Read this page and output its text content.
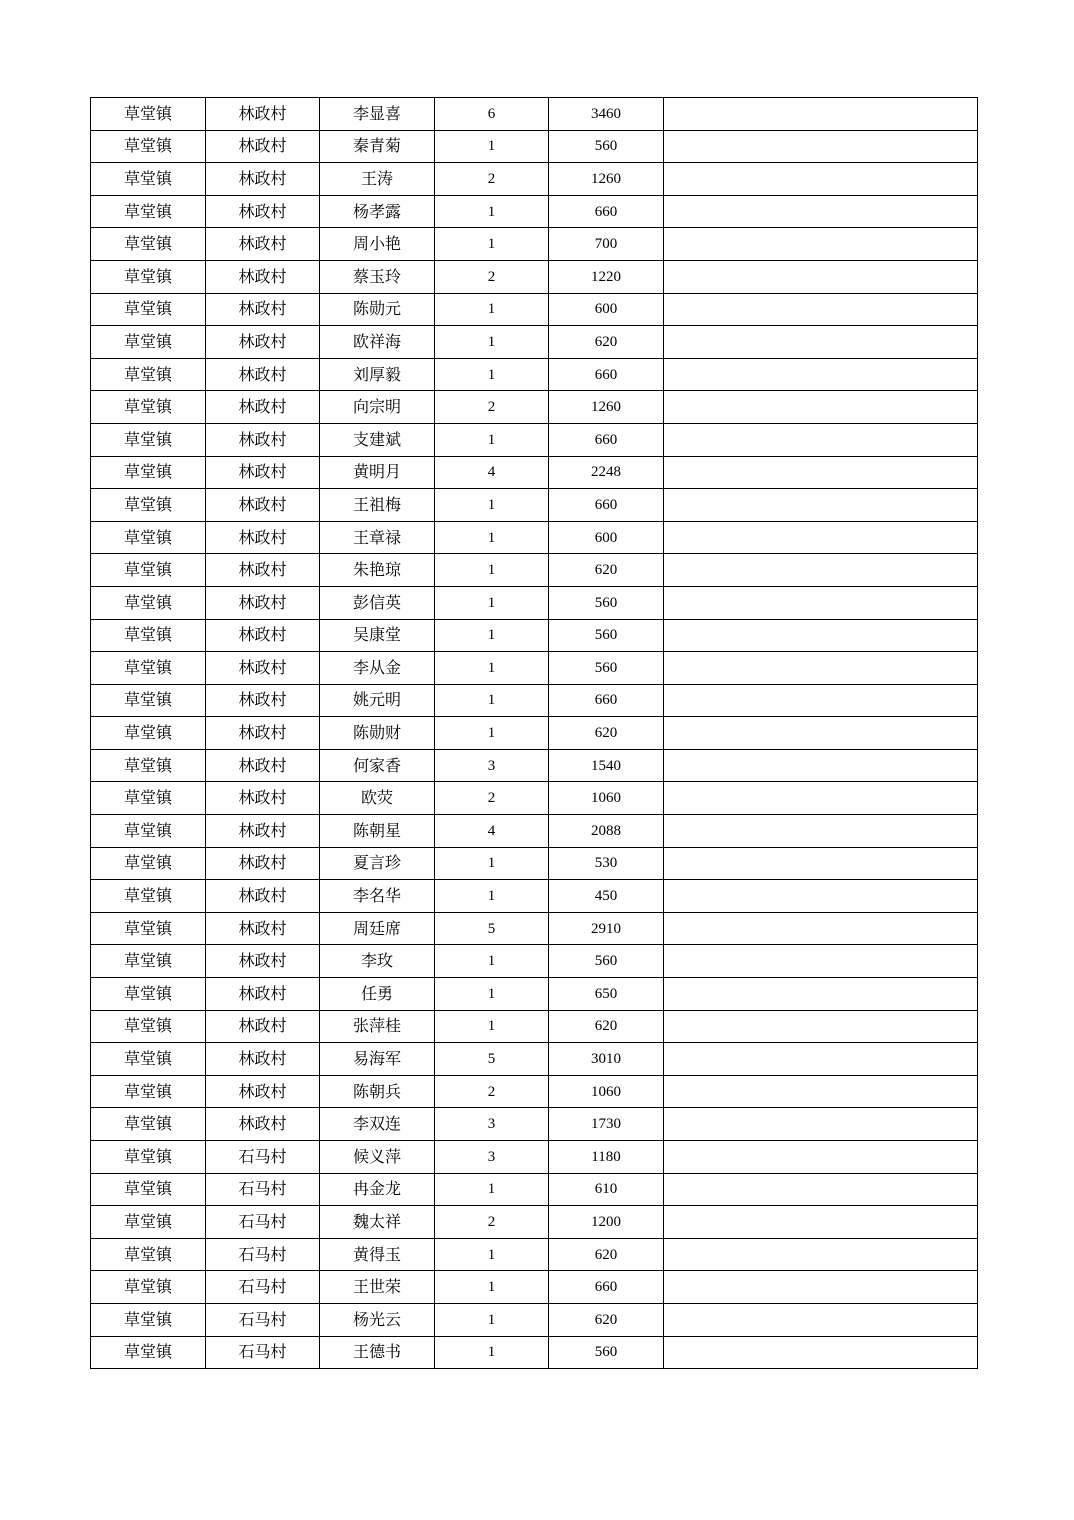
草堂镇	林政村	李显喜	6	3460	
草堂镇	林政村	秦青菊	1	560	
草堂镇	林政村	王涛	2	1260	
草堂镇	林政村	杨孝露	1	660	
草堂镇	林政村	周小艳	1	700	
草堂镇	林政村	蔡玉玲	2	1220	
草堂镇	林政村	陈勋元	1	600	
草堂镇	林政村	欧祥海	1	620	
草堂镇	林政村	刘厚毅	1	660	
草堂镇	林政村	向宗明	2	1260	
草堂镇	林政村	支建斌	1	660	
草堂镇	林政村	黄明月	4	2248	
草堂镇	林政村	王祖梅	1	660	
草堂镇	林政村	王章禄	1	600	
草堂镇	林政村	朱艳琼	1	620	
草堂镇	林政村	彭信英	1	560	
草堂镇	林政村	吴康堂	1	560	
草堂镇	林政村	李从金	1	560	
草堂镇	林政村	姚元明	1	660	
草堂镇	林政村	陈勋财	1	620	
草堂镇	林政村	何家香	3	1540	
草堂镇	林政村	欧荧	2	1060	
草堂镇	林政村	陈朝星	4	2088	
草堂镇	林政村	夏言珍	1	530	
草堂镇	林政村	李名华	1	450	
草堂镇	林政村	周廷席	5	2910	
草堂镇	林政村	李玫	1	560	
草堂镇	林政村	任勇	1	650	
草堂镇	林政村	张萍桂	1	620	
草堂镇	林政村	易海军	5	3010	
草堂镇	林政村	陈朝兵	2	1060	
草堂镇	林政村	李双连	3	1730	
草堂镇	石马村	候义萍	3	1180	
草堂镇	石马村	冉金龙	1	610	
草堂镇	石马村	魏太祥	2	1200	
草堂镇	石马村	黄得玉	1	620	
草堂镇	石马村	王世荣	1	660	
草堂镇	石马村	杨光云	1	620	
草堂镇	石马村	王德书	1	560	
